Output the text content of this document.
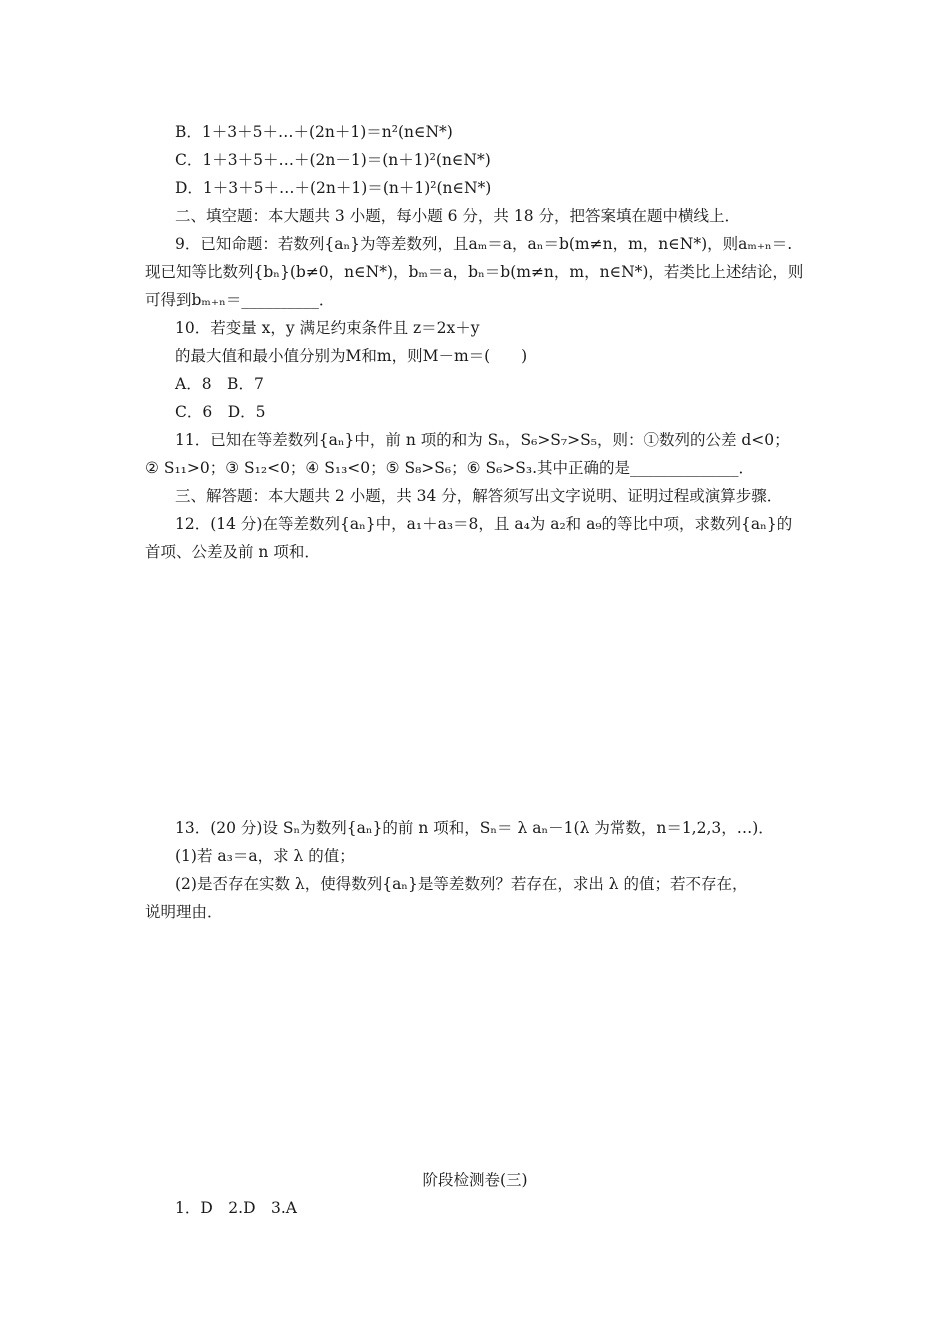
B．1＋3＋5＋…＋(2n＋1)＝n²(n∈N*)
C．1＋3＋5＋…＋(2n－1)＝(n＋1)²(n∈N*)
D．1＋3＋5＋…＋(2n＋1)＝(n＋1)²(n∈N*)
二、填空题：本大题共 3 小题，每小题 6 分，共 18 分，把答案填在题中横线上．
9．已知命题：若数列{aₙ}为等差数列，且aₘ＝a，aₙ＝b(m≠n，m，n∈N*)，则aₘ₊ₙ＝.
现已知等比数列{bₙ}(b≠0，n∈N*)，bₘ＝a，bₙ＝b(m≠n，m，n∈N*)，若类比上述结论，则
可得到bₘ₊ₙ＝__________．
10．若变量 x，y 满足约束条件且 z＝2x＋y
的最大值和最小值分别为M和m，则M－m＝(　　)
A．8　B．7
C．6　D．5
11．已知在等差数列{aₙ}中，前 n 项的和为 Sₙ，S₆>S₇>S₅，则：①数列的公差 d<0；
② S₁₁>0；③ S₁₂<0；④ S₁₃<0；⑤ S₈>S₆；⑥ S₆>S₃.其中正确的是______________．
三、解答题：本大题共 2 小题，共 34 分，解答须写出文字说明、证明过程或演算步骤．
12．(14 分)在等差数列{aₙ}中，a₁＋a₃＝8，且 a₄为 a₂和 a₉的等比中项，求数列{aₙ}的
首项、公差及前 n 项和．
13．(20 分)设 Sₙ为数列{aₙ}的前 n 项和，Sₙ＝ λ aₙ－1(λ 为常数，n＝1,2,3，…)．
(1)若 a₃＝a，求 λ 的值；
(2)是否存在实数 λ，使得数列{aₙ}是等差数列？若存在，求出 λ 的值；若不存在，
说明理由．
阶段检测卷(三)
1．D　2.D　3.A
